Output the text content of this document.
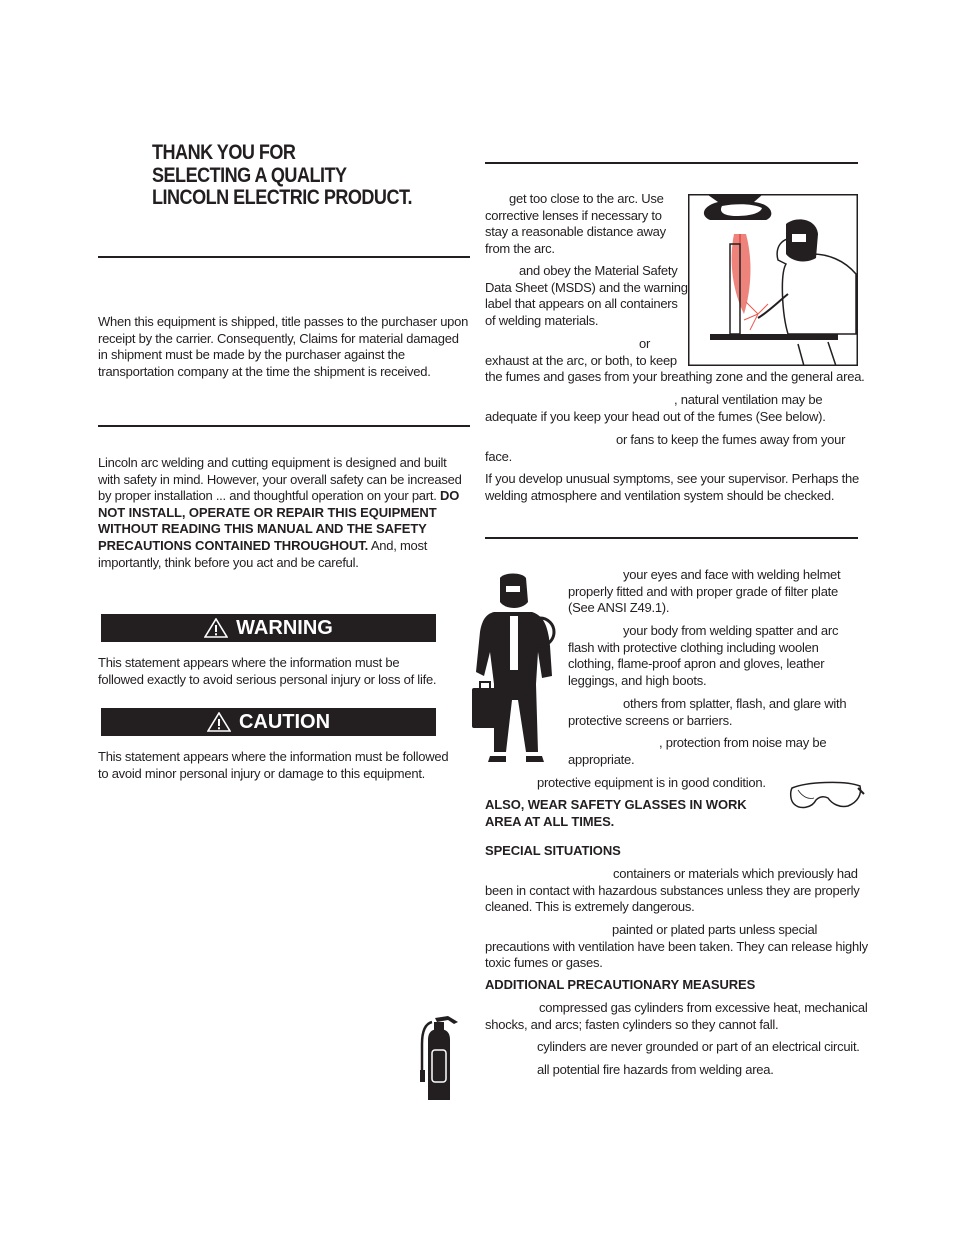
THANK YOU FOR
SELECTING A QUALITY
LINCOLN ELECTRIC PRODUCT.
When this equipment is shipped, title passes to the purchaser upon receipt by the carrier. Consequently, Claims for material damaged in shipment must be made by the purchaser against the transportation company at the time the shipment is received.
Lincoln arc welding and cutting equipment is designed and built with safety in mind. However, your overall safety can be increased by proper installation ... and thoughtful operation on your part. DO NOT INSTALL, OPERATE OR REPAIR THIS EQUIPMENT WITHOUT READING THIS MANUAL AND THE SAFETY PRECAUTIONS CONTAINED THROUGHOUT. And, most importantly, think before you act and be careful.
WARNING
This statement appears where the information must be followed exactly to avoid serious personal injury or loss of life.
CAUTION
This statement appears where the information must be followed to avoid minor personal injury or damage to this equipment.
get too close to the arc. Use
corrective lenses if necessary to
stay a reasonable distance away
from the arc.
and obey the Material Safety
Data Sheet (MSDS) and the warning
label that appears on all containers
of welding materials.
or
exhaust at the arc, or both, to keep
the fumes and gases from your breathing zone and the general area.
, natural ventilation may be
adequate if you keep your head out of the fumes (See below).
or fans to keep the fumes away from your
face.
If you develop unusual symptoms, see your supervisor. Perhaps the
welding atmosphere and ventilation system should be checked.
your eyes and face with welding helmet
properly fitted and with proper grade of filter plate
(See ANSI Z49.1).
your body from welding spatter and arc
flash with protective clothing including woolen
clothing, flame-proof apron and gloves, leather
leggings, and high boots.
others from splatter, flash, and glare with
protective screens or barriers.
, protection from noise may be
appropriate.
protective equipment is in good condition.
ALSO, WEAR SAFETY GLASSES IN WORK
AREA AT ALL TIMES.
SPECIAL SITUATIONS
containers or materials which previously had
been in contact with hazardous substances unless they are properly
cleaned. This is extremely dangerous.
painted or plated parts unless special
precautions with ventilation have been taken. They can release highly
toxic fumes or gases.
ADDITIONAL PRECAUTIONARY MEASURES
compressed gas cylinders from excessive heat, mechanical
shocks, and arcs; fasten cylinders so they cannot fall.
cylinders are never grounded or part of an electrical circuit.
all potential fire hazards from welding area.
